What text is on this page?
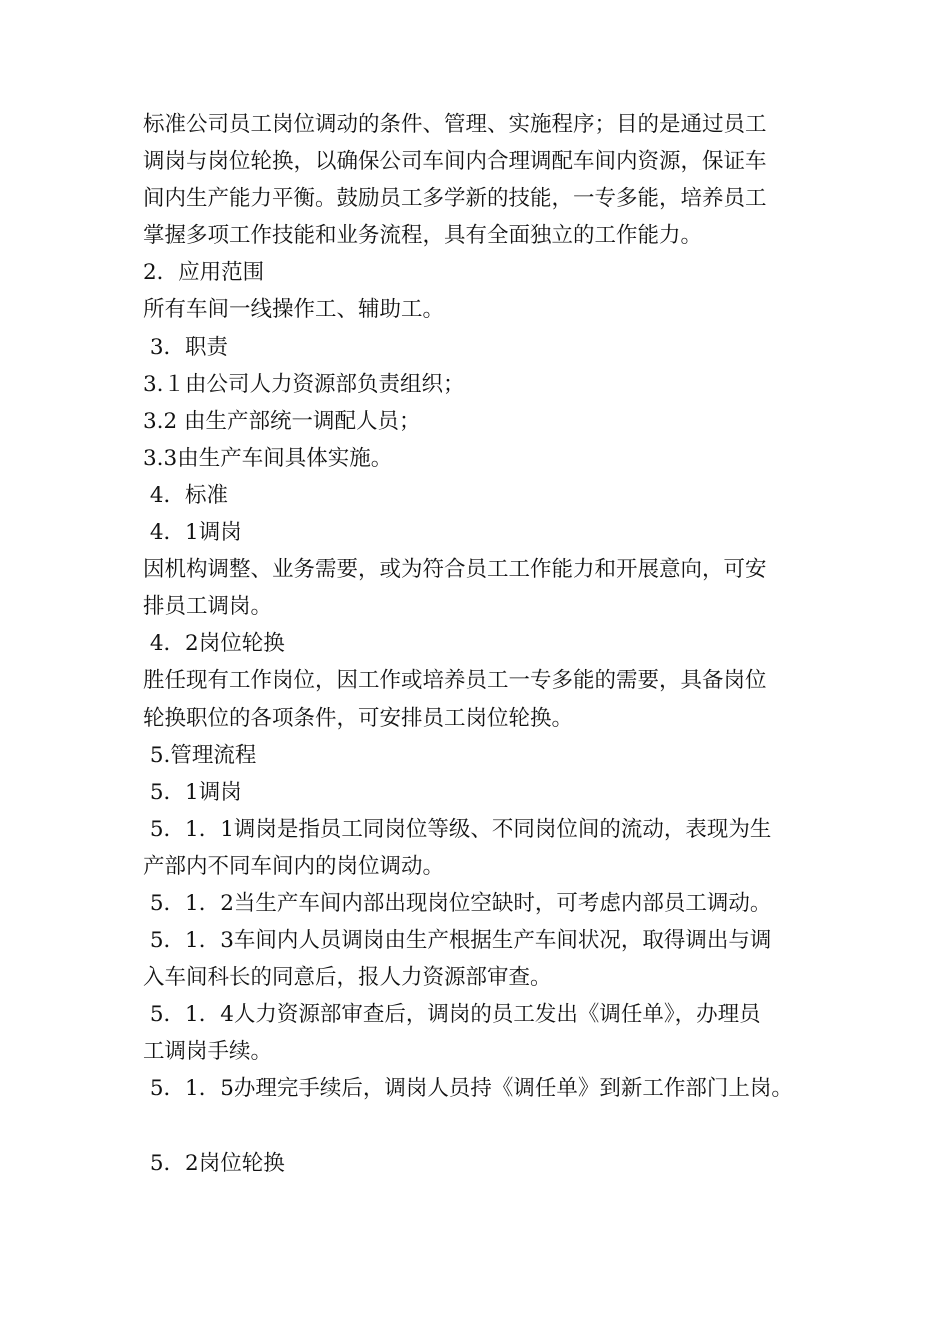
标准公司员工岗位调动的条件、管理、实施程序；目的是通过员工
调岗与岗位轮换，以确保公司车间内合理调配车间内资源，保证车
间内生产能力平衡。鼓励员工多学新的技能，一专多能，培养员工
掌握多项工作技能和业务流程，具有全面独立的工作能力。
2．应用范围
所有车间一线操作工、辅助工。
3．职责
3.１由公司人力资源部负责组织；
3.2 由生产部统一调配人员；
3.3由生产车间具体实施。
4．标准
4．1调岗
因机构调整、业务需要，或为符合员工工作能力和开展意向，可安
排员工调岗。
4．2岗位轮换
胜任现有工作岗位，因工作或培养员工一专多能的需要，具备岗位
轮换职位的各项条件，可安排员工岗位轮换。
5.管理流程
5．1调岗
5．1．1调岗是指员工同岗位等级、不同岗位间的流动，表现为生
产部内不同车间内的岗位调动。
5．1．2当生产车间内部出现岗位空缺时，可考虑内部员工调动。
5．1．3车间内人员调岗由生产根据生产车间状况，取得调出与调
入车间科长的同意后，报人力资源部审查。
5．1．4人力资源部审查后，调岗的员工发出《调任单》，办理员
工调岗手续。
5．1．5办理完手续后，调岗人员持《调任单》到新工作部门上岗。
5．2岗位轮换
